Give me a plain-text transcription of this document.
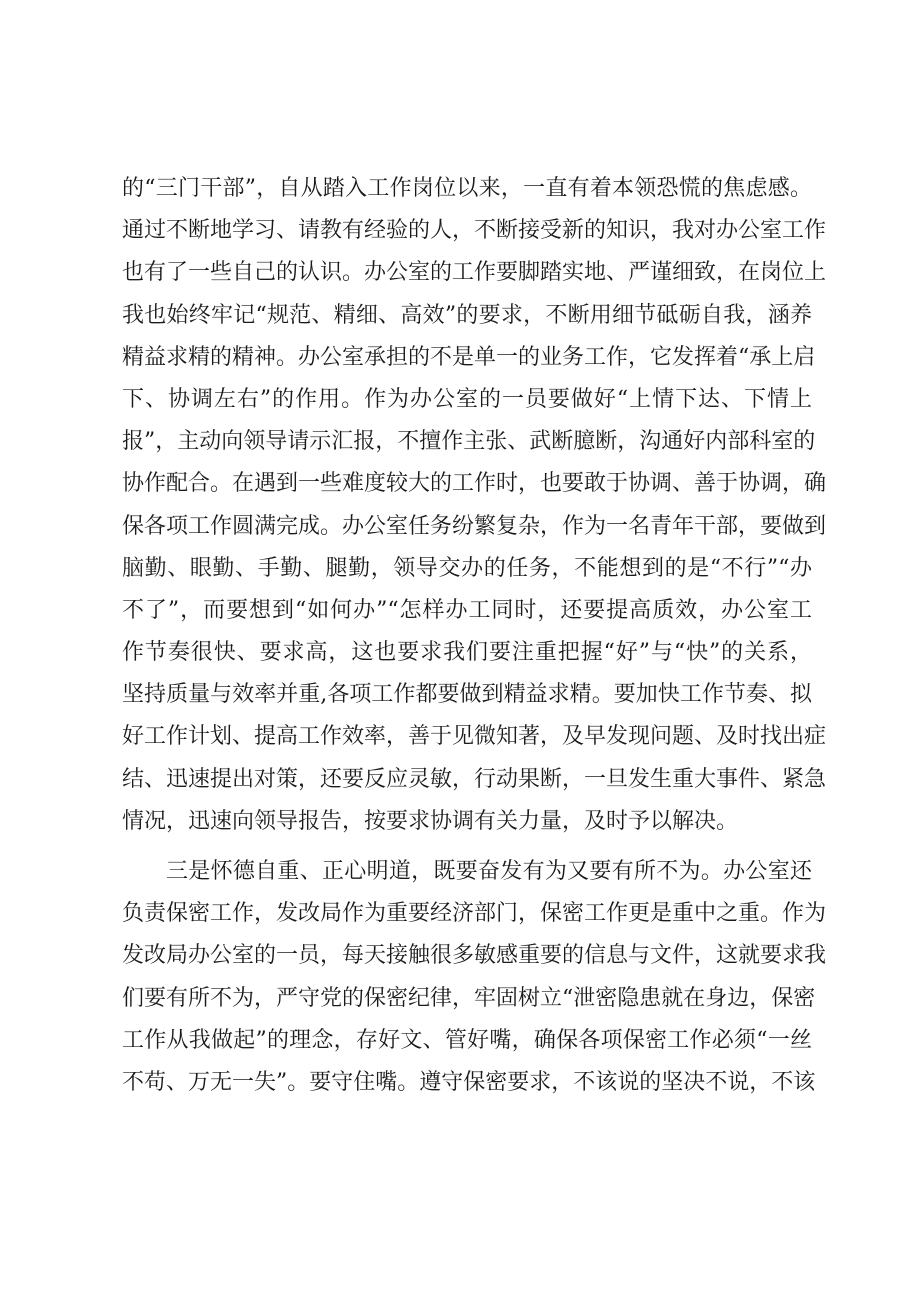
的“三门干部”，自从踏入工作岗位以来，一直有着本领恐慌的焦虑感。
通过不断地学习、请教有经验的人，不断接受新的知识，我对办公室工作
也有了一些自己的认识。办公室的工作要脚踏实地、严谨细致，在岗位上
我也始终牢记“规范、精细、高效”的要求，不断用细节砥砺自我，涵养
精益求精的精神。办公室承担的不是单一的业务工作，它发挥着“承上启
下、协调左右”的作用。作为办公室的一员要做好“上情下达、下情上
报”，主动向领导请示汇报，不擅作主张、武断臆断，沟通好内部科室的
协作配合。在遇到一些难度较大的工作时，也要敢于协调、善于协调，确
保各项工作圆满完成。办公室任务纷繁复杂，作为一名青年干部，要做到
脑勤、眼勤、手勤、腿勤，领导交办的任务，不能想到的是“不行”“办
不了”，而要想到“如何办”“怎样办工同时，还要提高质效，办公室工
作节奏很快、要求高，这也要求我们要注重把握“好”与“快”的关系，
坚持质量与效率并重,各项工作都要做到精益求精。要加快工作节奏、拟
好工作计划、提高工作效率，善于见微知著，及早发现问题、及时找出症
结、迅速提出对策，还要反应灵敏，行动果断，一旦发生重大事件、紧急
情况，迅速向领导报告，按要求协调有关力量，及时予以解决。
三是怀德自重、正心明道，既要奋发有为又要有所不为。办公室还
负责保密工作，发改局作为重要经济部门，保密工作更是重中之重。作为
发改局办公室的一员，每天接触很多敏感重要的信息与文件，这就要求我
们要有所不为，严守党的保密纪律，牢固树立“泄密隐患就在身边，保密
工作从我做起”的理念，存好文、管好嘴，确保各项保密工作必须“一丝
不苟、万无一失”。要守住嘴。遵守保密要求，不该说的坚决不说，不该
